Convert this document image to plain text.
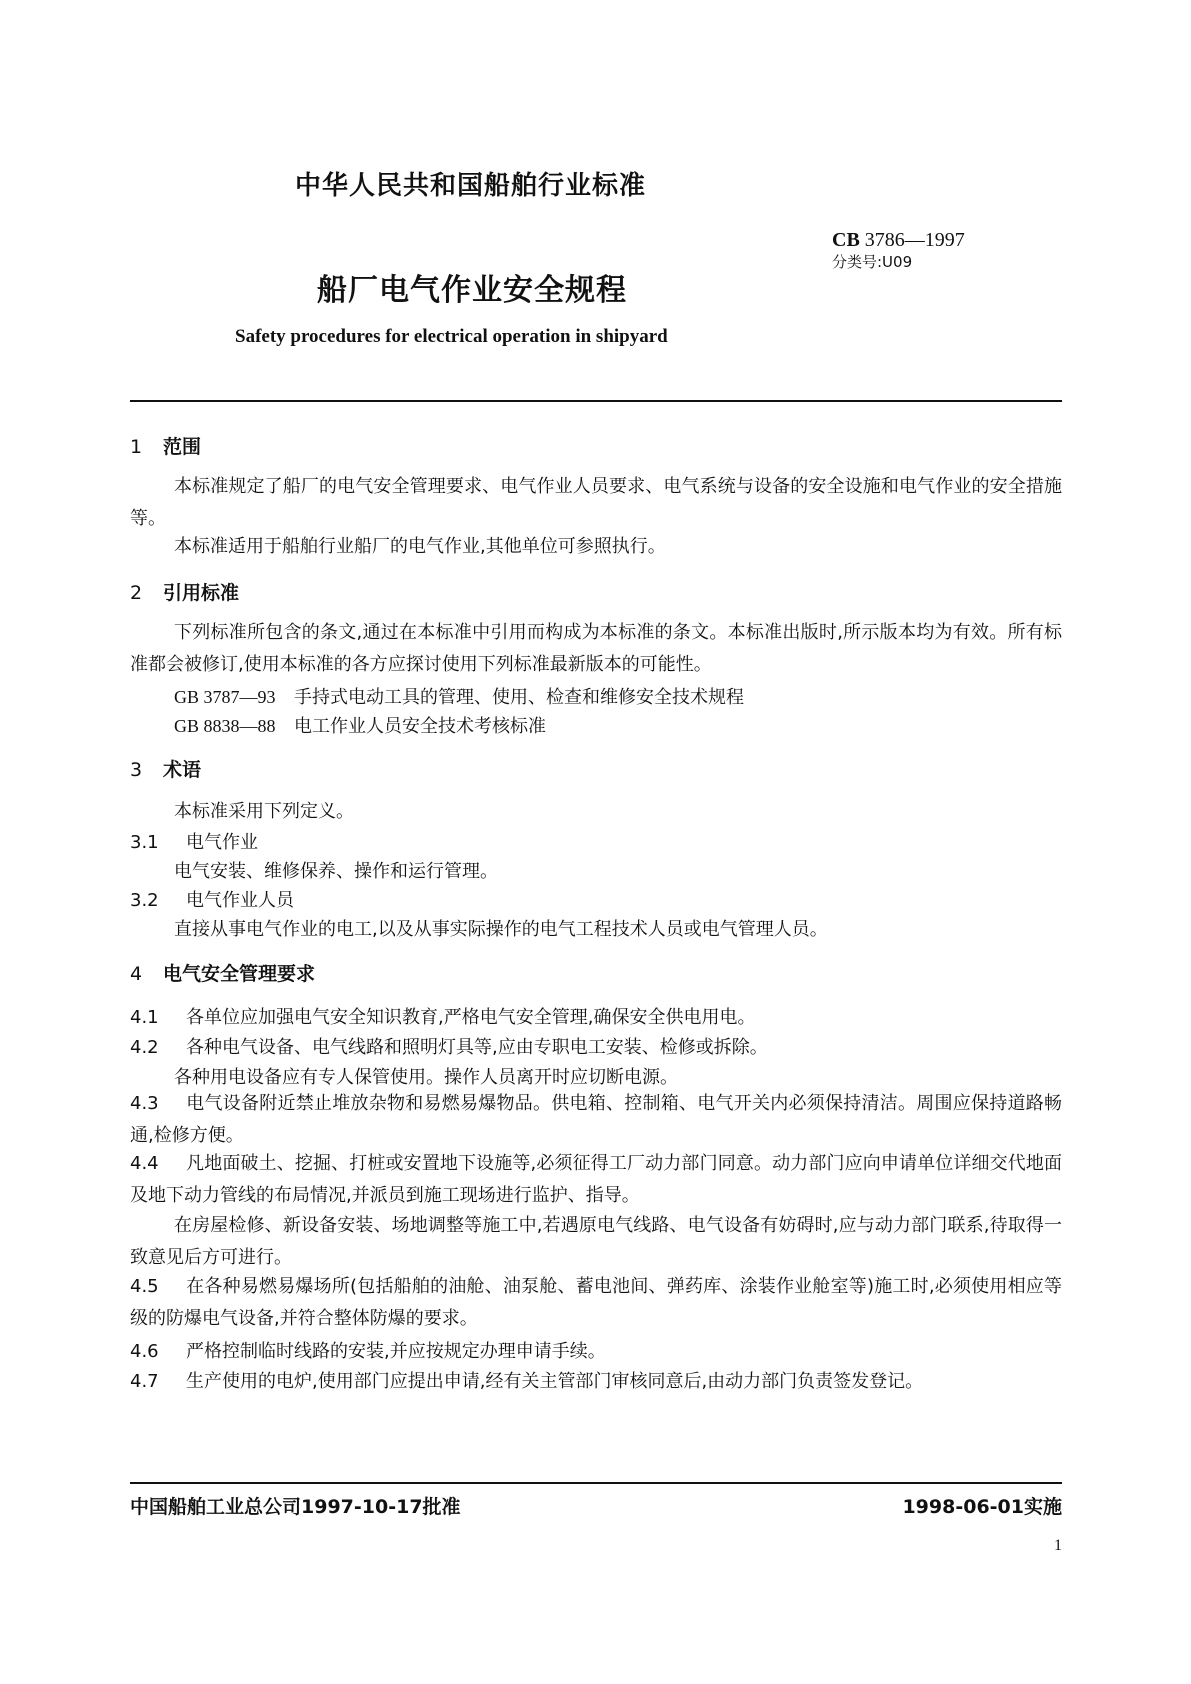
中华人民共和国船舶行业标准
CB 3786—1997
分类号:U09
船厂电气作业安全规程
Safety procedures for electrical operation in shipyard
1 范围
本标准规定了船厂的电气安全管理要求、电气作业人员要求、电气系统与设备的安全设施和电气作业的安全措施等。
本标准适用于船舶行业船厂的电气作业,其他单位可参照执行。
2 引用标准
下列标准所包含的条文,通过在本标准中引用而构成为本标准的条文。本标准出版时,所示版本均为有效。所有标准都会被修订,使用本标准的各方应探讨使用下列标准最新版本的可能性。
GB 3787—93 手持式电动工具的管理、使用、检查和维修安全技术规程
GB 8838—88 电工作业人员安全技术考核标准
3 术语
本标准采用下列定义。
3.1 电气作业
电气安装、维修保养、操作和运行管理。
3.2 电气作业人员
直接从事电气作业的电工,以及从事实际操作的电气工程技术人员或电气管理人员。
4 电气安全管理要求
4.1 各单位应加强电气安全知识教育,严格电气安全管理,确保安全供电用电。
4.2 各种电气设备、电气线路和照明灯具等,应由专职电工安装、检修或拆除。
各种用电设备应有专人保管使用。操作人员离开时应切断电源。
4.3 电气设备附近禁止堆放杂物和易燃易爆物品。供电箱、控制箱、电气开关内必须保持清洁。周围应保持道路畅通,检修方便。
4.4 凡地面破土、挖掘、打桩或安置地下设施等,必须征得工厂动力部门同意。动力部门应向申请单位详细交代地面及地下动力管线的布局情况,并派员到施工现场进行监护、指导。
在房屋检修、新设备安装、场地调整等施工中,若遇原电气线路、电气设备有妨碍时,应与动力部门联系,待取得一致意见后方可进行。
4.5 在各种易燃易爆场所(包括船舶的油舱、油泵舱、蓄电池间、弹药库、涂装作业舱室等)施工时,必须使用相应等级的防爆电气设备,并符合整体防爆的要求。
4.6 严格控制临时线路的安装,并应按规定办理申请手续。
4.7 生产使用的电炉,使用部门应提出申请,经有关主管部门审核同意后,由动力部门负责签发登记。
中国船舶工业总公司1997-10-17批准	1998-06-01实施
1
